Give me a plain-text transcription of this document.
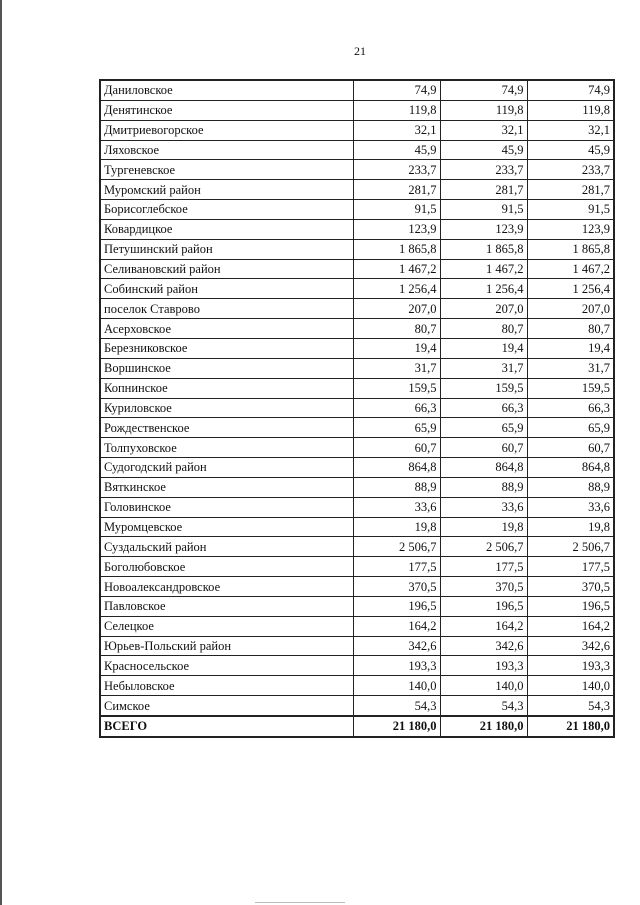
21
Даниловское	74,9	74,9	74,9
Денятинское	119,8	119,8	119,8
Дмитриевогорское	32,1	32,1	32,1
Ляховское	45,9	45,9	45,9
Тургеневское	233,7	233,7	233,7
Муромский район	281,7	281,7	281,7
Борисоглебское	91,5	91,5	91,5
Ковардицкое	123,9	123,9	123,9
Петушинский район	1 865,8	1 865,8	1 865,8
Селивановский район	1 467,2	1 467,2	1 467,2
Собинский район	1 256,4	1 256,4	1 256,4
поселок Ставрово	207,0	207,0	207,0
Асерховское	80,7	80,7	80,7
Березниковское	19,4	19,4	19,4
Воршинское	31,7	31,7	31,7
Копнинское	159,5	159,5	159,5
Куриловское	66,3	66,3	66,3
Рождественское	65,9	65,9	65,9
Толпуховское	60,7	60,7	60,7
Судогодский район	864,8	864,8	864,8
Вяткинское	88,9	88,9	88,9
Головинское	33,6	33,6	33,6
Муромцевское	19,8	19,8	19,8
Суздальский район	2 506,7	2 506,7	2 506,7
Боголюбовское	177,5	177,5	177,5
Новоалександровское	370,5	370,5	370,5
Павловское	196,5	196,5	196,5
Селецкое	164,2	164,2	164,2
Юрьев-Польский район	342,6	342,6	342,6
Красносельское	193,3	193,3	193,3
Небыловское	140,0	140,0	140,0
Симское	54,3	54,3	54,3
ВСЕГО	21 180,0	21 180,0	21 180,0
